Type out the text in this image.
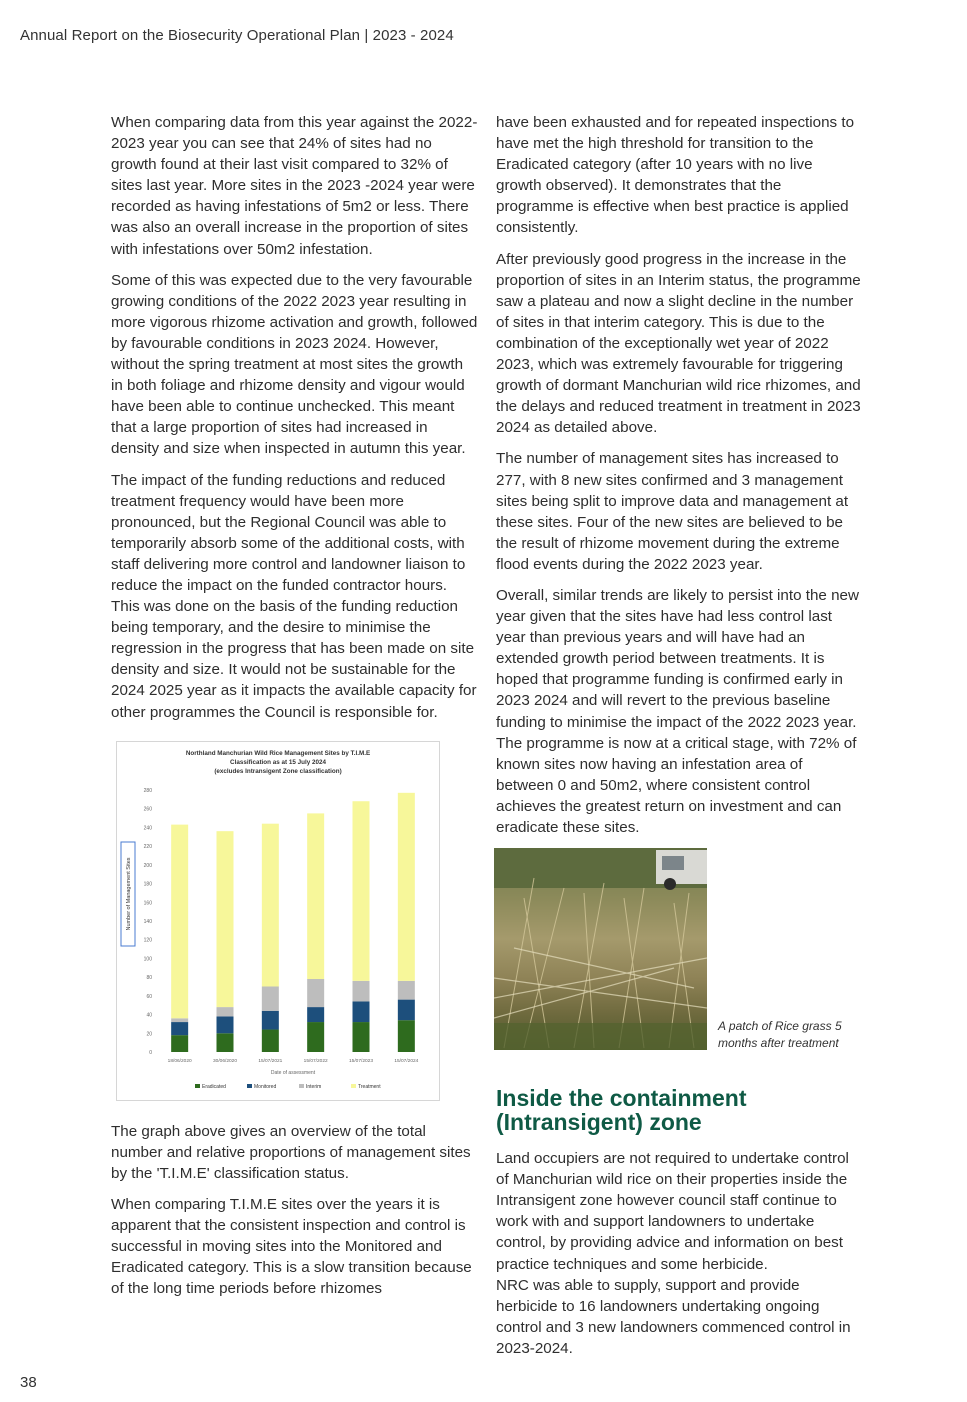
Annual Report on the Biosecurity Operational Plan | 2023 - 2024

When comparing data from this year against the 2022-2023 year you can see that 24% of sites had no growth found at their last visit compared to 32% of sites last year. More sites in the 2023 -2024 year were recorded as having infestations of 5m2 or less. There was also an overall increase in the proportion of sites with infestations over 50m2 infestation.

Some of this was expected due to the very favourable growing conditions of the 2022 2023 year resulting in more vigorous rhizome activation and growth, followed by favourable conditions in 2023 2024. However, without the spring treatment at most sites the growth in both foliage and rhizome density and vigour would have been able to continue unchecked. This meant that a large proportion of sites had increased in density and size when inspected in autumn this year.

The impact of the funding reductions and reduced treatment frequency would have been more pronounced, but the Regional Council was able to temporarily absorb some of the additional costs, with staff delivering more control and landowner liaison to reduce the impact on the funded contractor hours. This was done on the basis of the funding reduction being temporary, and the desire to minimise the regression in the progress that has been made on site density and size. It would not be sustainable for the 2024 2025 year as it impacts the available capacity for other programmes the Council is responsible for.

Northland Manchurian Wild Rice Management Sites by T.I.M.E
Classification as at 15 July 2024
(excludes Intransigent Zone classification)
0
20
40
60
80
100
120
140
160
180
200
220
240
260
280
Number of Management Sites
18/06/2020	30/06/2020	15/07/2021	15/07/2022	15/07/2023	15/07/2024
Date of assessment
Eradicated	Monitored	Interim	Treatment

The graph above gives an overview of the total number and relative proportions of management sites by the 'T.I.M.E' classification status.

When comparing T.I.M.E sites over the years it is apparent that the consistent inspection and control is successful in moving sites into the Monitored and Eradicated category. This is a slow transition because of the long time periods before rhizomes

have been exhausted and for repeated inspections to have met the high threshold for transition to the Eradicated category (after 10 years with no live growth observed). It demonstrates that the programme is effective when best practice is applied consistently.

After previously good progress in the increase in the proportion of sites in an Interim status, the programme saw a plateau and now a slight decline in the number of sites in that interim category. This is due to the combination of the exceptionally wet year of 2022 2023, which was extremely favourable for triggering growth of dormant Manchurian wild rice rhizomes, and the delays and reduced treatment in treatment in 2023 2024 as detailed above.

The number of management sites has increased to 277, with 8 new sites confirmed and 3 management sites being split to improve data and management at these sites. Four of the new sites are believed to be the result of rhizome movement during the extreme flood events during the 2022 2023 year.

Overall, similar trends are likely to persist into the new year given that the sites have had less control last year than previous years and will have had an extended growth period between treatments. It is hoped that programme funding is confirmed early in 2023 2024 and will revert to the previous baseline funding to minimise the impact of the 2022 2023 year. The programme is now at a critical stage, with 72% of known sites now having an infestation area of between 0 and 50m2, where consistent control achieves the greatest return on investment and can eradicate these sites.

A patch of Rice grass 5 months after treatment
Inside the containment (Intransigent) zone

Land occupiers are not required to undertake control of Manchurian wild rice on their properties inside the Intransigent zone however council staff continue to work with and support landowners to undertake control, by providing advice and information on best practice techniques and some herbicide.

NRC was able to supply, support and provide herbicide to 16 landowners undertaking ongoing control and 3 new landowners commenced control in 2023-2024.

38
